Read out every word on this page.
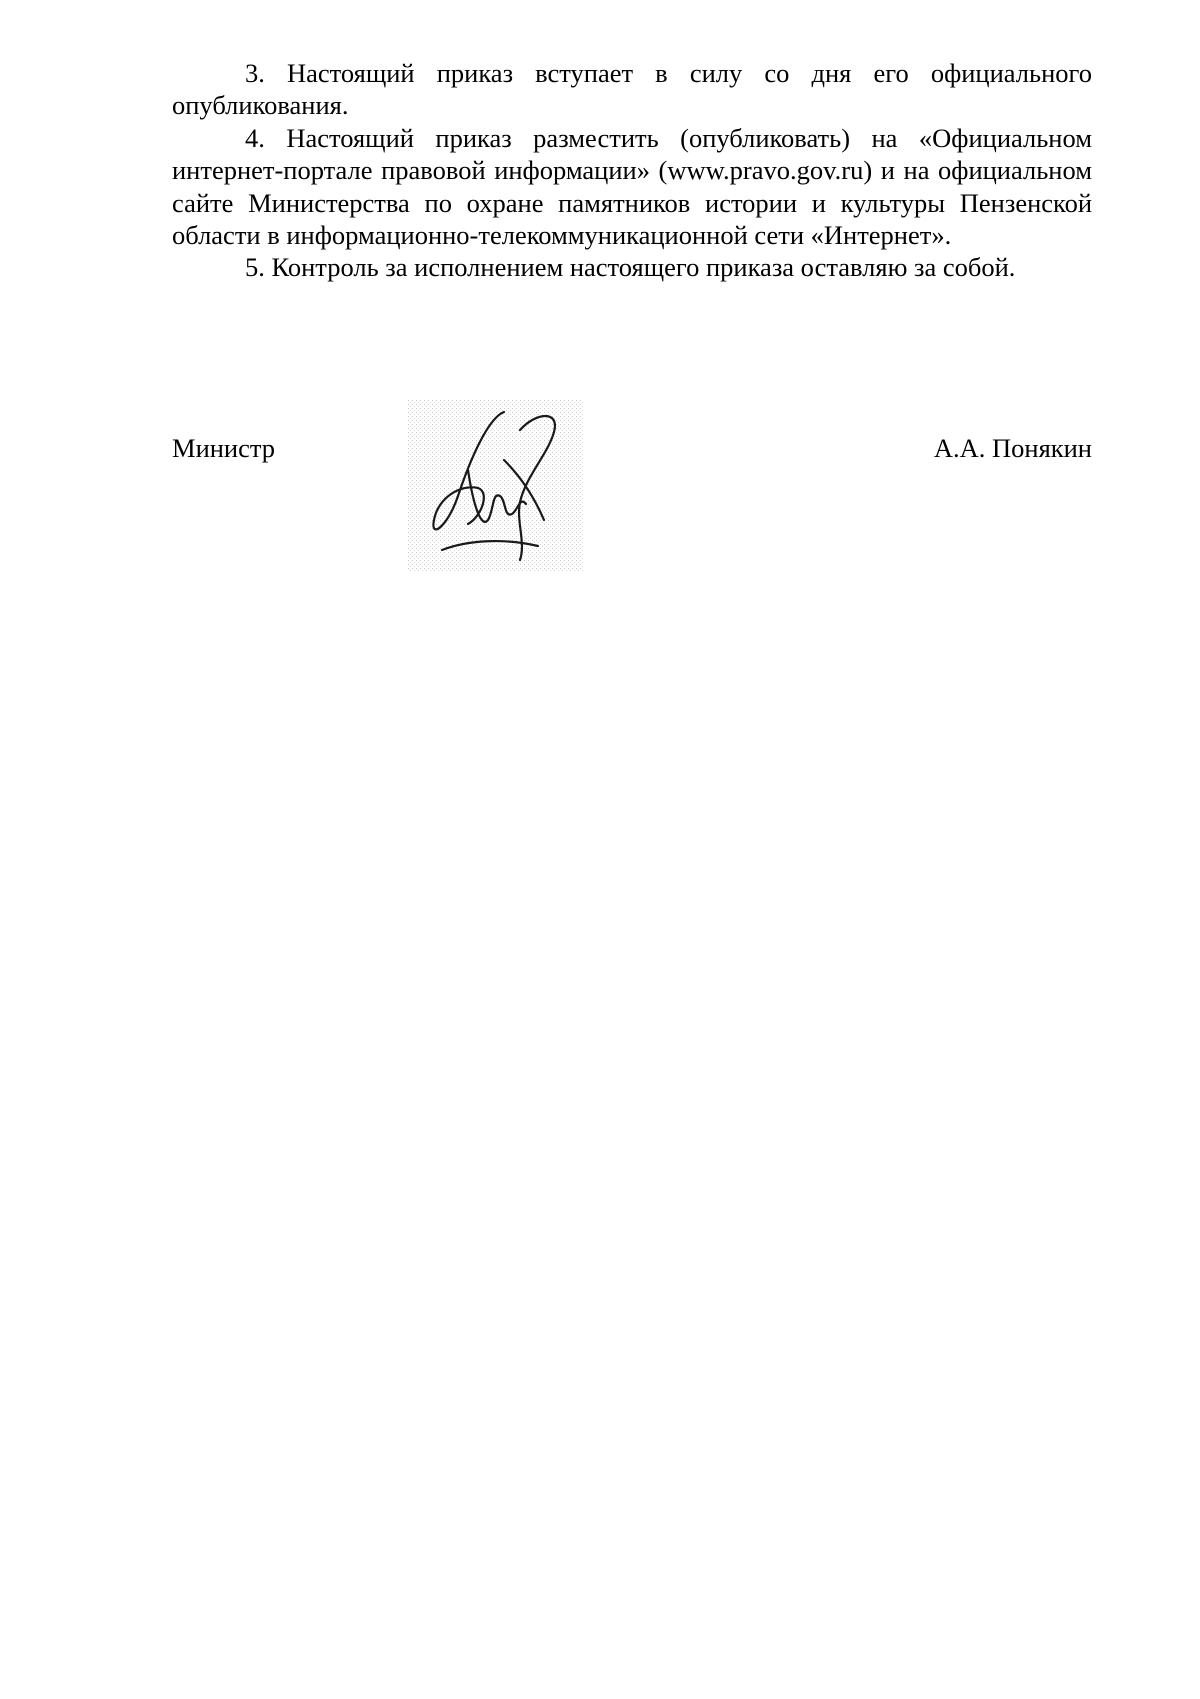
3. Настоящий приказ вступает в силу со дня его официального опубликования.

4. Настоящий приказ разместить (опубликовать) на «Официальном интернет-портале правовой информации» (www.pravo.gov.ru) и на официальном сайте Министерства по охране памятников истории и культуры Пензенской области в информационно-телекоммуникационной сети «Интернет».

5. Контроль за исполнением настоящего приказа оставляю за собой.

Министр	А.А. Понякин
